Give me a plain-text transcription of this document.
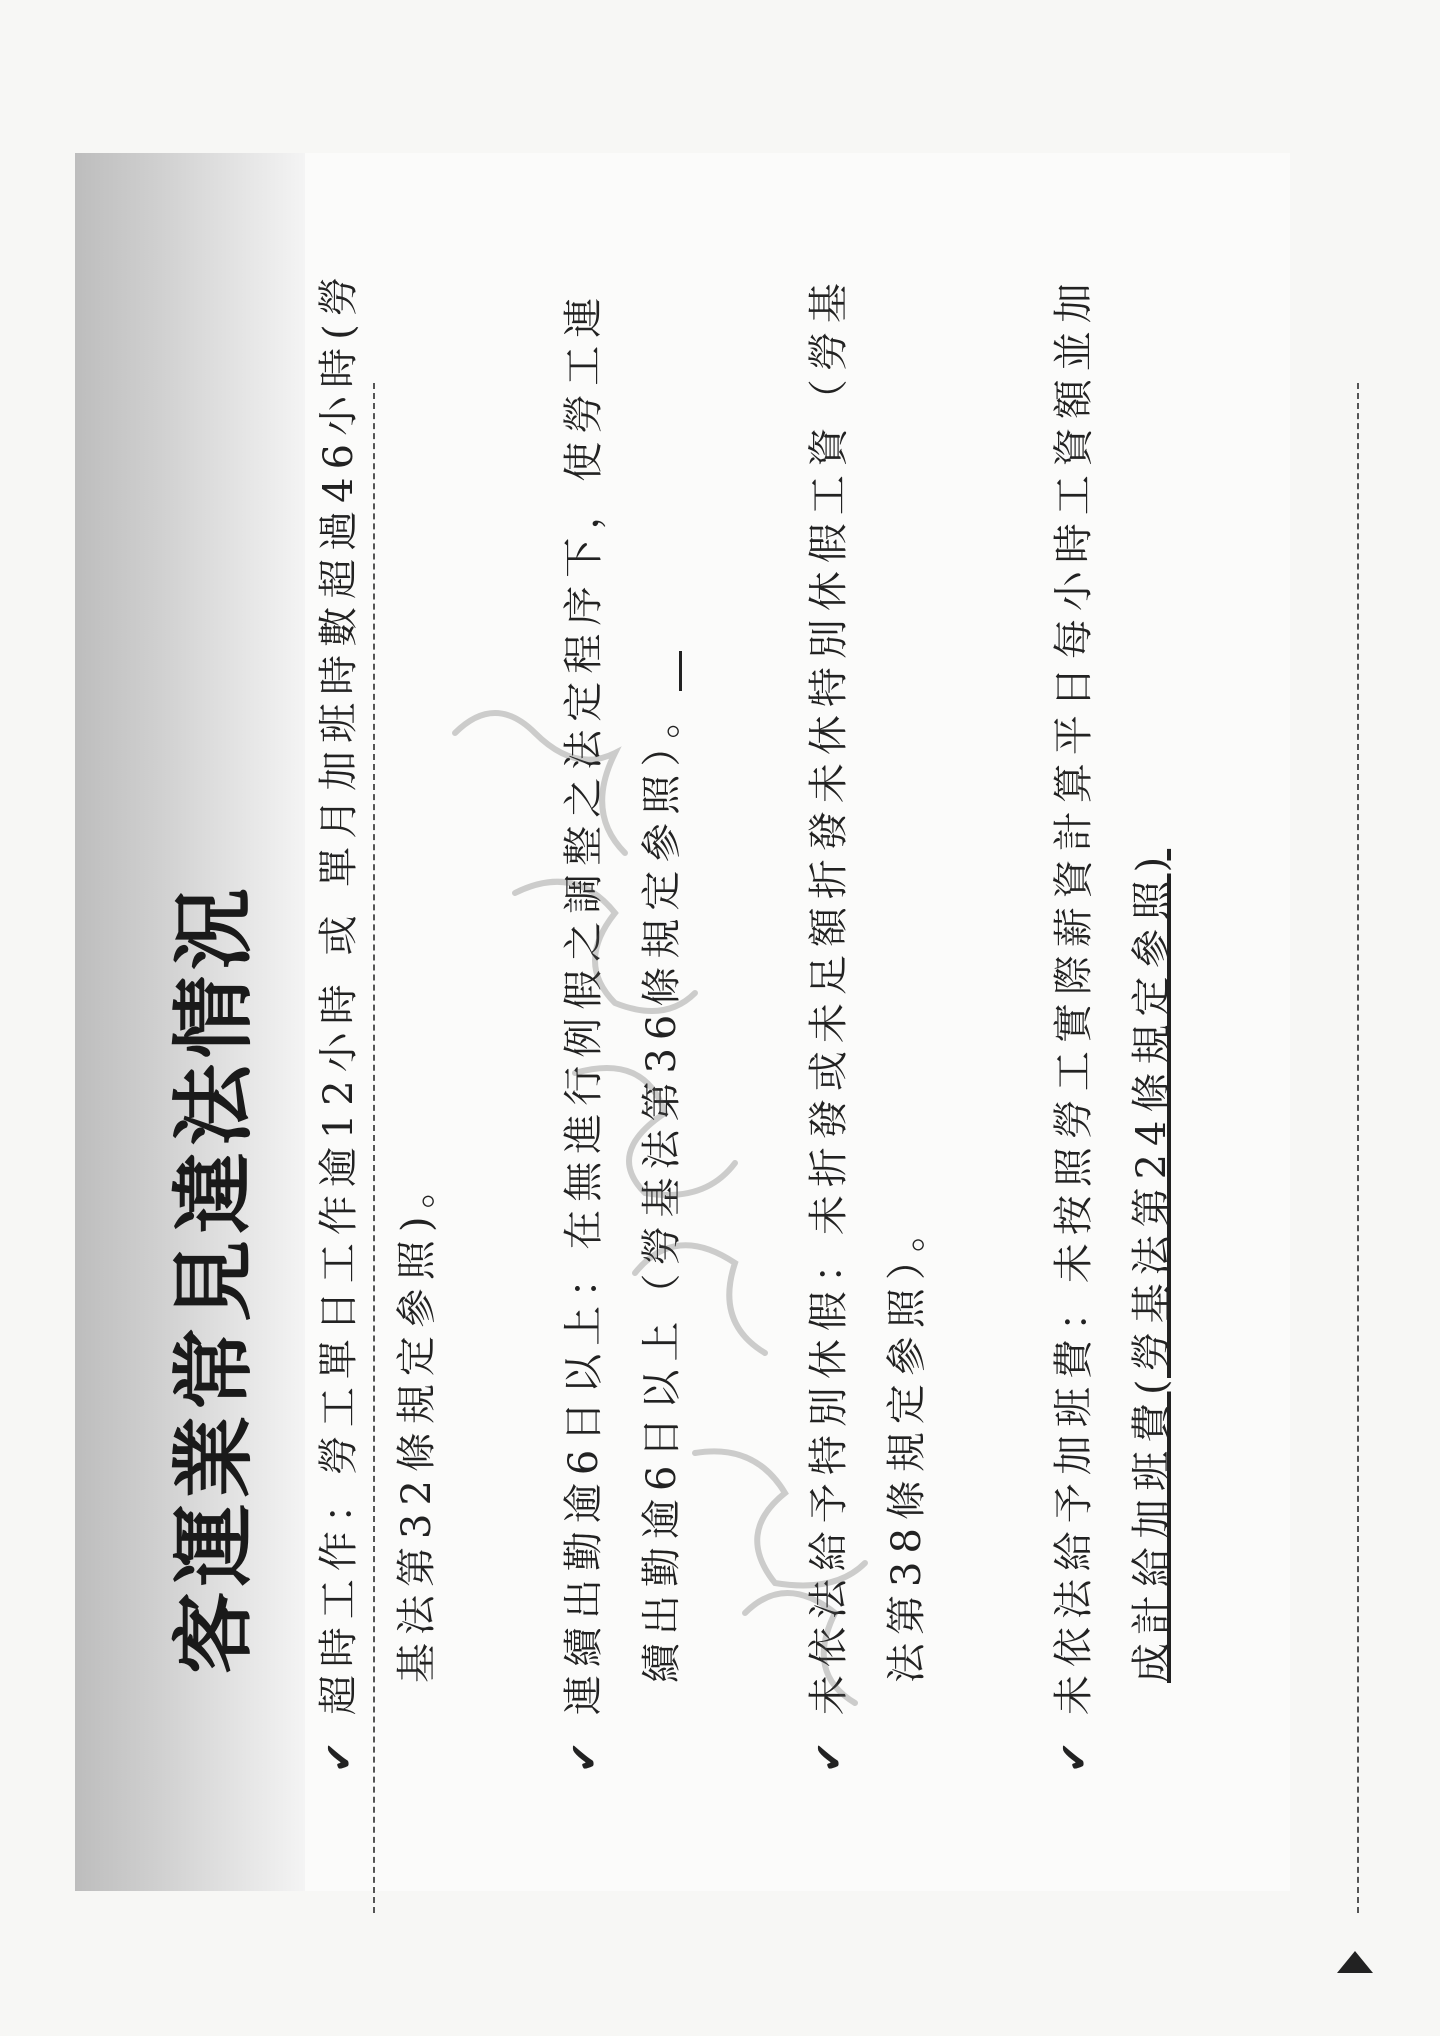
客運業常見違法情況
✔超時工作：勞工單日工作逾12小時 或 單月加班時數超過46小時(勞 基法第32條規定參照)。
✔連續出勤逾6日以上：在無進行例假之調整之法定程序下，使勞工連 續出勤逾6日以上（勞基法第36條規定參照）。
✔未依法給予特別休假：未折發或未足額折發未休特別休假工資（勞基 法第38條規定參照）。
✔未依法給予加班費：未按照勞工實際薪資計算平日每小時工資額並加 成計給加班費(勞基法第24條規定參照)
